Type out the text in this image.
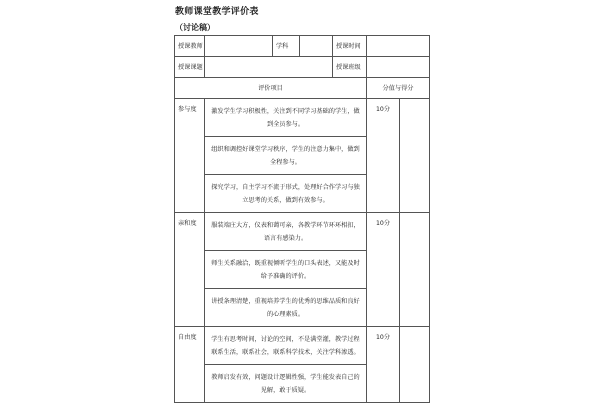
教师课堂教学评价表
（讨论稿）
授课教师		学科		授课时间		
授课课题				授课班级		
评价项目					分值与得分	
参与度	激发学生学习积极性，关注到不同学习基础的学生，做到全员参与。				10分	
	组织和调控好课堂学习秩序，学生的注意力集中，做到全程参与。					
	探究学习，自主学习不流于形式，处理好合作学习与独立思考的关系，做到有效参与。					
亲和度	服装端庄大方，仪表和蔼可亲，各教学环节环环相扣，语言有感染力。				10分	
	师生关系融洽，既重视倾听学生的口头表述，又能及时给予准确的评价。					
	讲授条理清楚，重视培养学生的优秀的思维品质和良好的心理素质。					
自由度	学生有思考时间，讨论的空间，不是满堂灌，教学过程联系生活，联系社会，联系科学技术，关注学科渗透。				10分	
	教师启发有效，问题设计逻辑性强，学生能发表自己的见解，敢于质疑。					
